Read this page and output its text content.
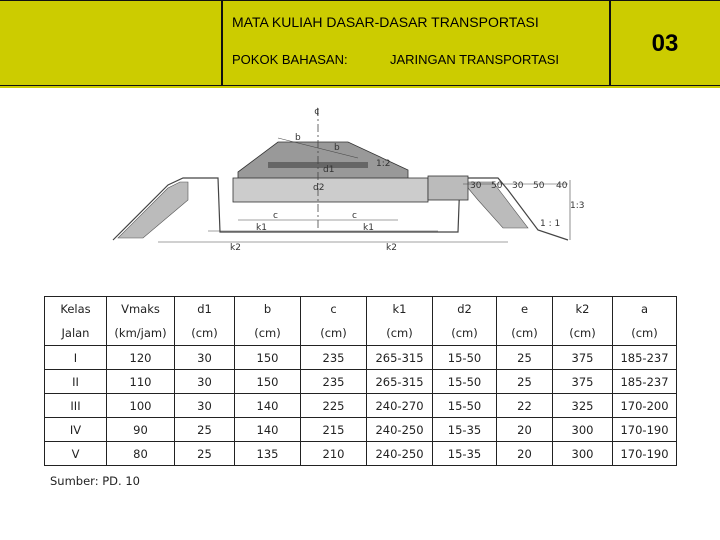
MATA KULIAH DASAR-DASAR TRANSPORTASI
POKOK BAHASAN:	JARINGAN TRANSPORTASI
03
¢
b
b
d1
d2
1:2
1:3
1 : 1
30 50 30 50 40
c	c
k1	k1
k2	k2
Kelas	Vmaks	d1	b	c	k1	d2	e	k2	a
Jalan	(km/jam)	(cm)	(cm)	(cm)	(cm)	(cm)	(cm)	(cm)	(cm)
I	120	30	150	235	265-315	15-50	25	375	185-237
II	110	30	150	235	265-315	15-50	25	375	185-237
III	100	30	140	225	240-270	15-50	22	325	170-200
IV	90	25	140	215	240-250	15-35	20	300	170-190
V	80	25	135	210	240-250	15-35	20	300	170-190
Sumber: PD. 10
